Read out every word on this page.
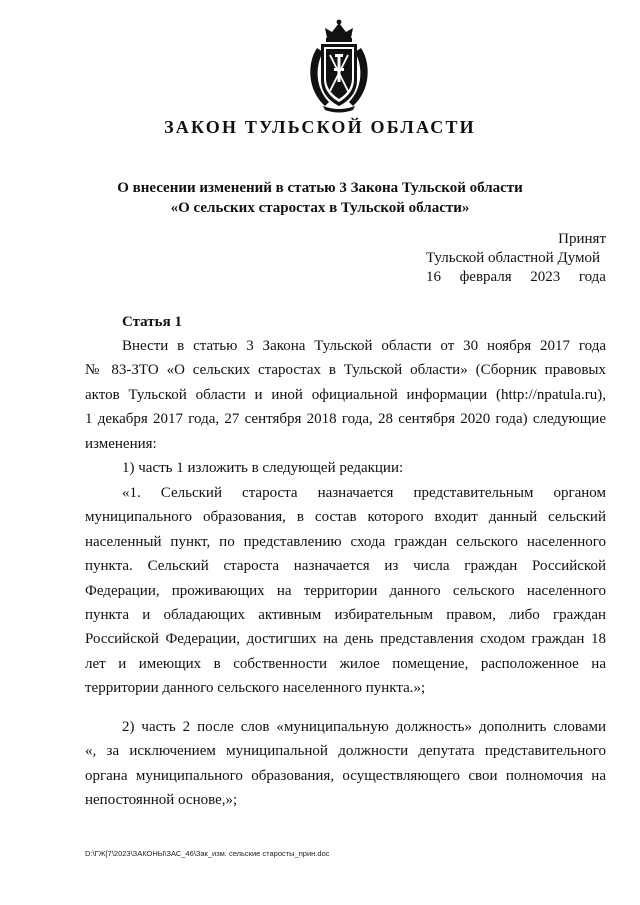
ЗАКОН ТУЛЬСКОЙ ОБЛАСТИ
О внесении изменений в статью 3 Закона Тульской области
«О сельских старостах в Тульской области»
Принят
Тульской областной Думой
16 февраля 2023 года
Статья 1
Внести в статью 3 Закона Тульской области от 30 ноября 2017 года
№ 83-ЗТО «О сельских старостах в Тульской области» (Сборник правовых
актов Тульской области и иной официальной информации (http://npatula.ru),
1 декабря 2017 года, 27 сентября 2018 года, 28 сентября 2020 года) следующие
изменения:
1) часть 1 изложить в следующей редакции:
«1. Сельский староста назначается представительным органом
муниципального образования, в состав которого входит данный сельский
населенный пункт, по представлению схода граждан сельского населенного
пункта. Сельский староста назначается из числа граждан Российской
Федерации, проживающих на территории данного сельского населенного
пункта и обладающих активным избирательным правом, либо граждан
Российской Федерации, достигших на день представления сходом граждан 18
лет и имеющих в собственности жилое помещение, расположенное на
территории данного сельского населенного пункта.»;
2) часть 2 после слов «муниципальную должность» дополнить словами
«, за исключением муниципальной должности депутата представительного
органа муниципального образования, осуществляющего свои полномочия на
непостоянной основе,»;
D:\ГЖ[7\2023\ЗАКОНЫ\ЗАС_46\Зак_изм. сельские старосты_прин.doc
